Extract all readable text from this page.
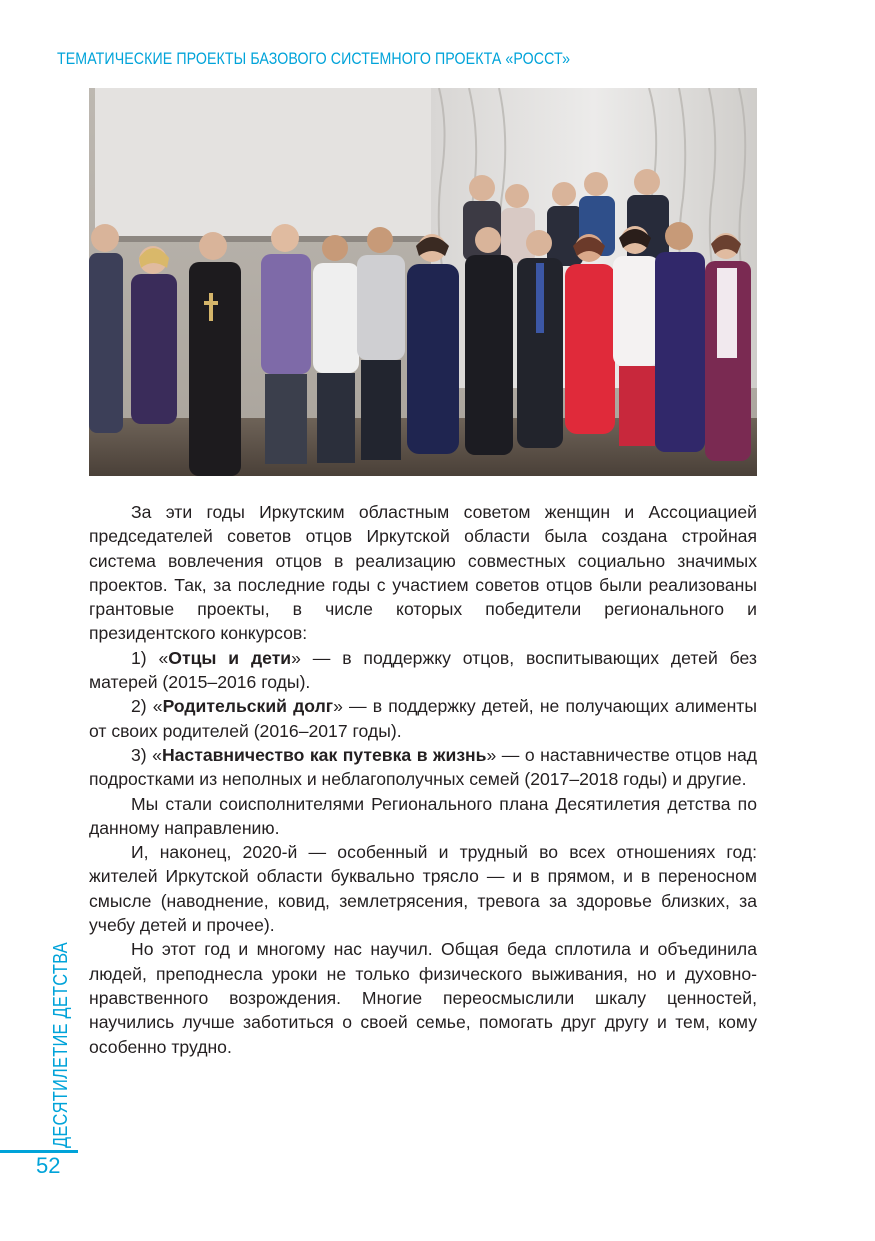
ТЕМАТИЧЕСКИЕ ПРОЕКТЫ БАЗОВОГО СИСТЕМНОГО ПРОЕКТА «РОССТ»

За эти годы Иркутским областным советом женщин и Ассоциацией председателей советов отцов Иркутской области была создана стройная система вовлечения отцов в реализацию совместных социально значимых проектов. Так, за последние годы с участием советов отцов были реализованы грантовые проекты, в числе которых победители регионального и президентского конкурсов:

1) «Отцы и дети» — в поддержку отцов, воспитывающих детей без матерей (2015–2016 годы).

2) «Родительский долг» — в поддержку детей, не получающих алименты от своих родителей (2016–2017 годы).

3) «Наставничество как путевка в жизнь» — о наставничестве отцов над подростками из неполных и неблагополучных семей (2017–2018 годы) и другие.

Мы стали соисполнителями Регионального плана Десятилетия детства по данному направлению.

И, наконец, 2020-й — особенный и трудный во всех отношениях год: жителей Иркутской области буквально трясло — и в прямом, и в переносном смысле (наводнение, ковид, землетрясения, тревога за здоровье близких, за учебу детей и прочее).

Но этот год и многому нас научил. Общая беда сплотила и объединила людей, преподнесла уроки не только физического выживания, но и духовно-нравственного возрождения. Многие переосмыслили шкалу ценностей, научились лучше заботиться о своей семье, помогать друг другу и тем, кому особенно трудно.

ДЕСЯТИЛЕТИЕ ДЕТСТВА
52
